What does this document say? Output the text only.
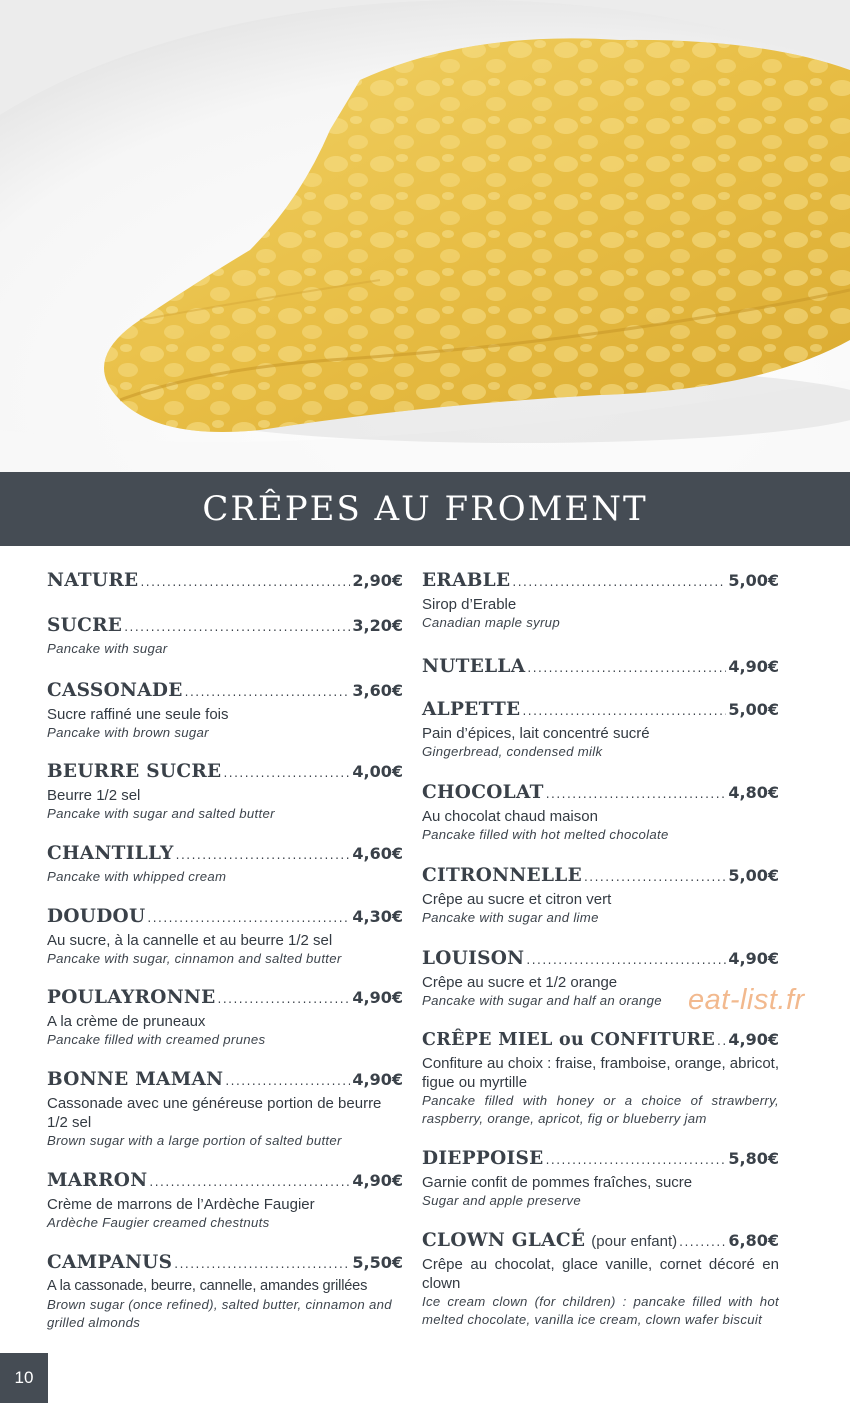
CRÊPES AU FROMENT
NATURE .....	2,90€
SUCRE .....	3,20€
Pancake with sugar
CASSONADE .....	3,60€
Sucre raffiné une seule fois
Pancake with brown sugar
BEURRE SUCRE .....	4,00€
Beurre 1/2 sel
Pancake with sugar and salted butter
CHANTILLY .....	4,60€
Pancake with whipped cream
DOUDOU .....	4,30€
Au sucre, à la cannelle et au beurre 1/2 sel
Pancake with sugar, cinnamon and salted butter
POULAYRONNE .....	4,90€
A la crème de pruneaux
Pancake filled with creamed prunes
BONNE MAMAN .....	4,90€
Cassonade avec une généreuse portion de beurre 1/2 sel
Brown sugar with a large portion of salted butter
MARRON .....	4,90€
Crème de marrons de l’Ardèche Faugier
Ardèche Faugier creamed chestnuts
CAMPANUS .....	5,50€
A la cassonade, beurre, cannelle, amandes grillées
Brown sugar (once refined), salted butter, cinnamon and grilled almonds
ERABLE .....	5,00€
Sirop d’Erable
Canadian maple syrup
NUTELLA .....	4,90€
ALPETTE .....	5,00€
Pain d’épices, lait concentré sucré
Gingerbread, condensed milk
CHOCOLAT .....	4,80€
Au chocolat chaud maison
Pancake filled with hot melted chocolate
CITRONNELLE .....	5,00€
Crêpe au sucre et citron vert
Pancake with sugar and lime
LOUISON .....	4,90€
Crêpe au sucre et 1/2 orange
Pancake with sugar and half an orange
CRÊPE MIEL ou CONFITURE ..... 4,90€
Confiture au choix : fraise, framboise, orange, abricot, figue ou myrtille
Pancake filled with honey or a choice of strawberry, raspberry, orange, apricot, fig or blueberry jam
DIEPPOISE .....	5,80€
Garnie confit de pommes fraîches, sucre
Sugar and apple preserve
CLOWN GLACÉ (pour enfant) .....	6,80€
Crêpe au chocolat, glace vanille, cornet décoré en clown
Ice cream clown (for children) : pancake filled with hot melted chocolate, vanilla ice cream, clown wafer biscuit
eat-list.fr
10
